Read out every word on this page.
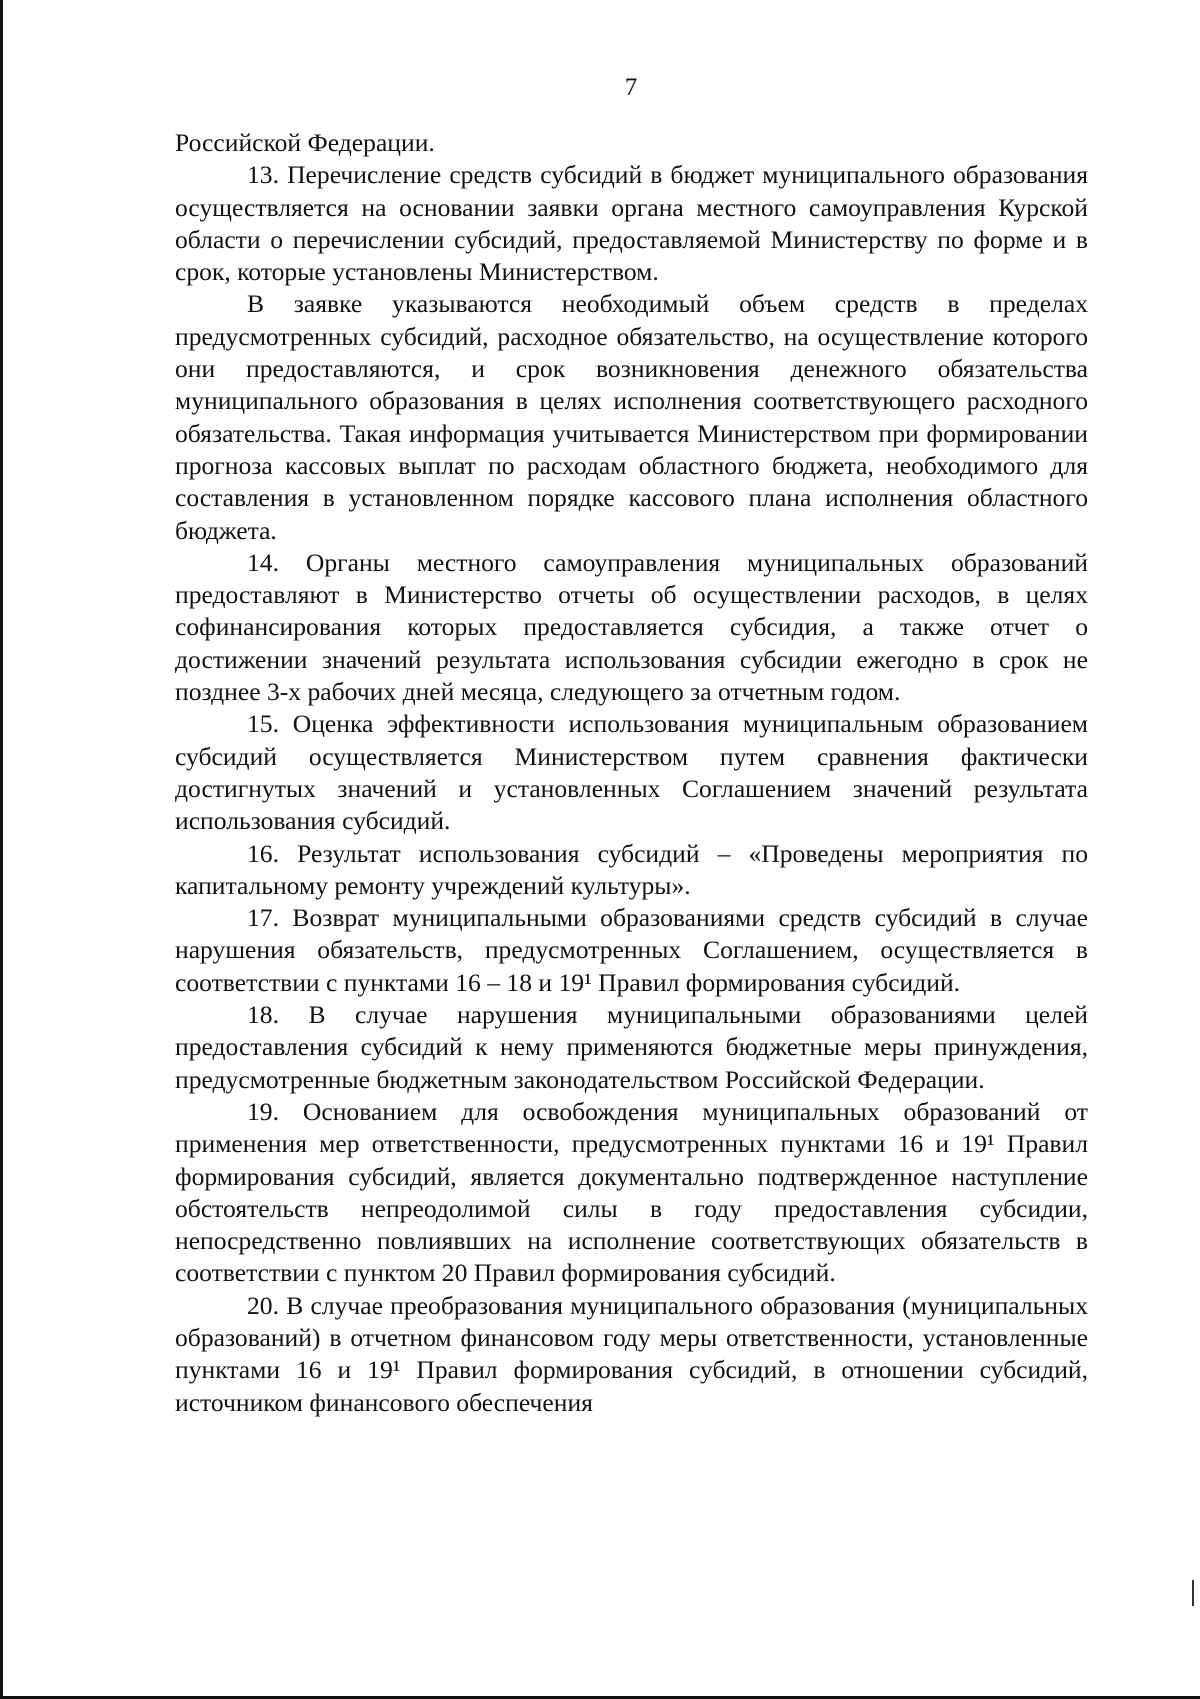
7

Российской Федерации.

13. Перечисление средств субсидий в бюджет муниципального образования осуществляется на основании заявки органа местного самоуправления Курской области о перечислении субсидий, предоставляемой Министерству по форме и в срок, которые установлены Министерством.

В заявке указываются необходимый объем средств в пределах предусмотренных субсидий, расходное обязательство, на осуществление которого они предоставляются, и срок возникновения денежного обязательства муниципального образования в целях исполнения соответствующего расходного обязательства. Такая информация учитывается Министерством при формировании прогноза кассовых выплат по расходам областного бюджета, необходимого для составления в установленном порядке кассового плана исполнения областного бюджета.

14. Органы местного самоуправления муниципальных образований предоставляют в Министерство отчеты об осуществлении расходов, в целях софинансирования которых предоставляется субсидия, а также отчет о достижении значений результата использования субсидии ежегодно в срок не позднее 3-х рабочих дней месяца, следующего за отчетным годом.

15. Оценка эффективности использования муниципальным образованием субсидий осуществляется Министерством путем сравнения фактически достигнутых значений и установленных Соглашением значений результата использования субсидий.

16. Результат использования субсидий – «Проведены мероприятия по капитальному ремонту учреждений культуры».

17. Возврат муниципальными образованиями средств субсидий в случае нарушения обязательств, предусмотренных Соглашением, осуществляется в соответствии с пунктами 16 – 18 и 19¹ Правил формирования субсидий.

18. В случае нарушения муниципальными образованиями целей предоставления субсидий к нему применяются бюджетные меры принуждения, предусмотренные бюджетным законодательством Российской Федерации.

19. Основанием для освобождения муниципальных образований от применения мер ответственности, предусмотренных пунктами 16 и 19¹ Правил формирования субсидий, является документально подтвержденное наступление обстоятельств непреодолимой силы в году предоставления субсидии, непосредственно повлиявших на исполнение соответствующих обязательств в соответствии с пунктом 20 Правил формирования субсидий.

20. В случае преобразования муниципального образования (муниципальных образований) в отчетном финансовом году меры ответственности, установленные пунктами 16 и 19¹ Правил формирования субсидий, в отношении субсидий, источником финансового обеспечения
